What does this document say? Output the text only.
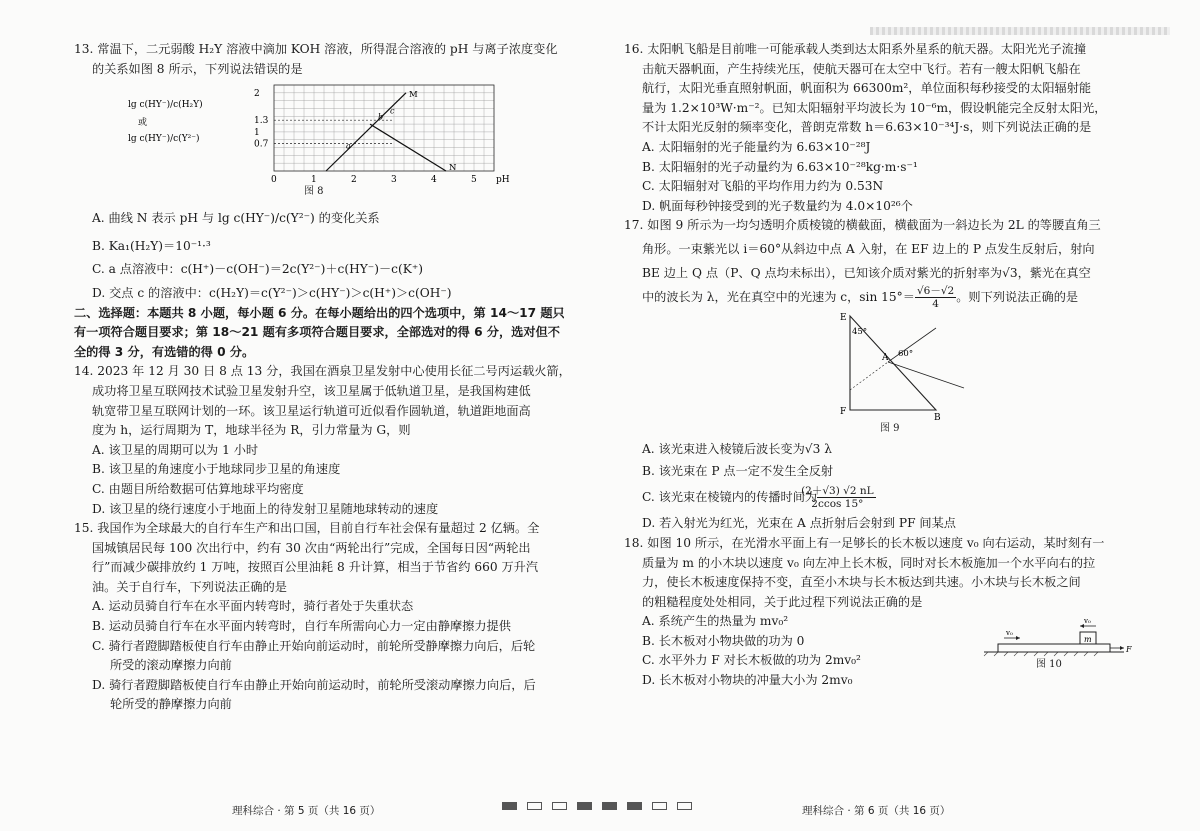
13. 常温下，二元弱酸 H₂Y 溶液中滴加 KOH 溶液，所得混合溶液的 pH 与离子浓度变化

的关系如图 8 所示，下列说法错误的是

lg c(HY⁻)/c(H₂Y)
或
lg c(HY⁻)/c(Y²⁻)
0	1	2	3	4	5 pH
2
1.3
1
0.7
M
N
a
b
c
图 8

A. 曲线 N 表示 pH 与 lg c(HY⁻)/c(Y²⁻) 的变化关系

B. Ka₁(H₂Y)＝10⁻¹·³

C. a 点溶液中：c(H⁺)－c(OH⁻)＝2c(Y²⁻)＋c(HY⁻)－c(K⁺)

D. 交点 c 的溶液中：c(H₂Y)＝c(Y²⁻)＞c(HY⁻)＞c(H⁺)＞c(OH⁻)

二、选择题：本题共 8 小题，每小题 6 分。在每小题给出的四个选项中，第 14～17 题只

有一项符合题目要求；第 18～21 题有多项符合题目要求，全部选对的得 6 分，选对但不

全的得 3 分，有选错的得 0 分。

14. 2023 年 12 月 30 日 8 点 13 分，我国在酒泉卫星发射中心使用长征二号丙运载火箭，

成功将卫星互联网技术试验卫星发射升空，该卫星属于低轨道卫星，是我国构建低

轨宽带卫星互联网计划的一环。该卫星运行轨道可近似看作圆轨道，轨道距地面高

度为 h，运行周期为 T，地球半径为 R，引力常量为 G，则

A. 该卫星的周期可以为 1 小时

B. 该卫星的角速度小于地球同步卫星的角速度

C. 由题目所给数据可估算地球平均密度

D. 该卫星的绕行速度小于地面上的待发射卫星随地球转动的速度

15. 我国作为全球最大的自行车生产和出口国，目前自行车社会保有量超过 2 亿辆。全

国城镇居民每 100 次出行中，约有 30 次由“两轮出行”完成，全国每日因“两轮出

行”而减少碳排放约 1 万吨，按照百公里油耗 8 升计算，相当于节省约 660 万升汽

油。关于自行车，下列说法正确的是

A. 运动员骑自行车在水平面内转弯时，骑行者处于失重状态

B. 运动员骑自行车在水平面内转弯时，自行车所需向心力一定由静摩擦力提供

C. 骑行者蹬脚踏板使自行车由静止开始向前运动时，前轮所受静摩擦力向后，后轮

所受的滚动摩擦力向前

D. 骑行者蹬脚踏板使自行车由静止开始向前运动时，前轮所受滚动摩擦力向后，后

轮所受的静摩擦力向前

16. 太阳帆飞船是目前唯一可能承载人类到达太阳系外星系的航天器。太阳光光子流撞

击航天器帆面，产生持续光压，使航天器可在太空中飞行。若有一艘太阳帆飞船在

航行，太阳光垂直照射帆面，帆面积为 66300m²，单位面积每秒接受的太阳辐射能

量为 1.2×10³W·m⁻²。已知太阳辐射平均波长为 10⁻⁶m，假设帆能完全反射太阳光，

不计太阳光反射的频率变化，普朗克常数 h＝6.63×10⁻³⁴J·s，则下列说法正确的是

A. 太阳辐射的光子能量约为 6.63×10⁻²⁸J

B. 太阳辐射的光子动量约为 6.63×10⁻²⁸kg·m·s⁻¹

C. 太阳辐射对飞船的平均作用力约为 0.53N

D. 帆面每秒钟接受到的光子数量约为 4.0×10²⁶个

17. 如图 9 所示为一均匀透明介质棱镜的横截面，横截面为一斜边长为 2L 的等腰直角三

角形。一束紫光以 i＝60°从斜边中点 A 入射，在 EF 边上的 P 点发生反射后，射向

BE 边上 Q 点（P、Q 点均未标出），已知该介质对紫光的折射率为√3，紫光在真空

中的波长为 λ，光在真空中的光速为 c，$\sin 15^\circ= \frac{√6-√2}{4}$ 。则下列说法正确的是

E
F
B
A
45°
60°
图 9

A. 该光束进入棱镜后波长变为√3 λ

B. 该光束在 P 点一定不发生全反射

C. 该光束在棱镜内的传播时间为 $\frac{(2+√3) √2 nL}{2ccos 15^\circ}$

D. 若入射光为红光，光束在 A 点折射后会射到 PF 间某点

18. 如图 10 所示，在光滑水平面上有一足够长的长木板以速度 v₀ 向右运动，某时刻有一

质量为 m 的小木块以速度 v₀ 向左冲上长木板，同时对长木板施加一个水平向右的拉

力，使长木板速度保持不变，直至小木块与长木板达到共速。小木块与长木板之间

的粗糙程度处处相同，关于此过程下列说法正确的是

A. 系统产生的热量为 mv₀²

B. 长木板对小物块做的功为 0

C. 水平外力 F 对长木板做的功为 2mv₀²

D. 长木板对小物块的冲量大小为 2mv₀

m
v₀
v₀
F
图 10
理科综合 · 第 5 页（共 16 页）	理科综合 · 第 6 页（共 16 页）
